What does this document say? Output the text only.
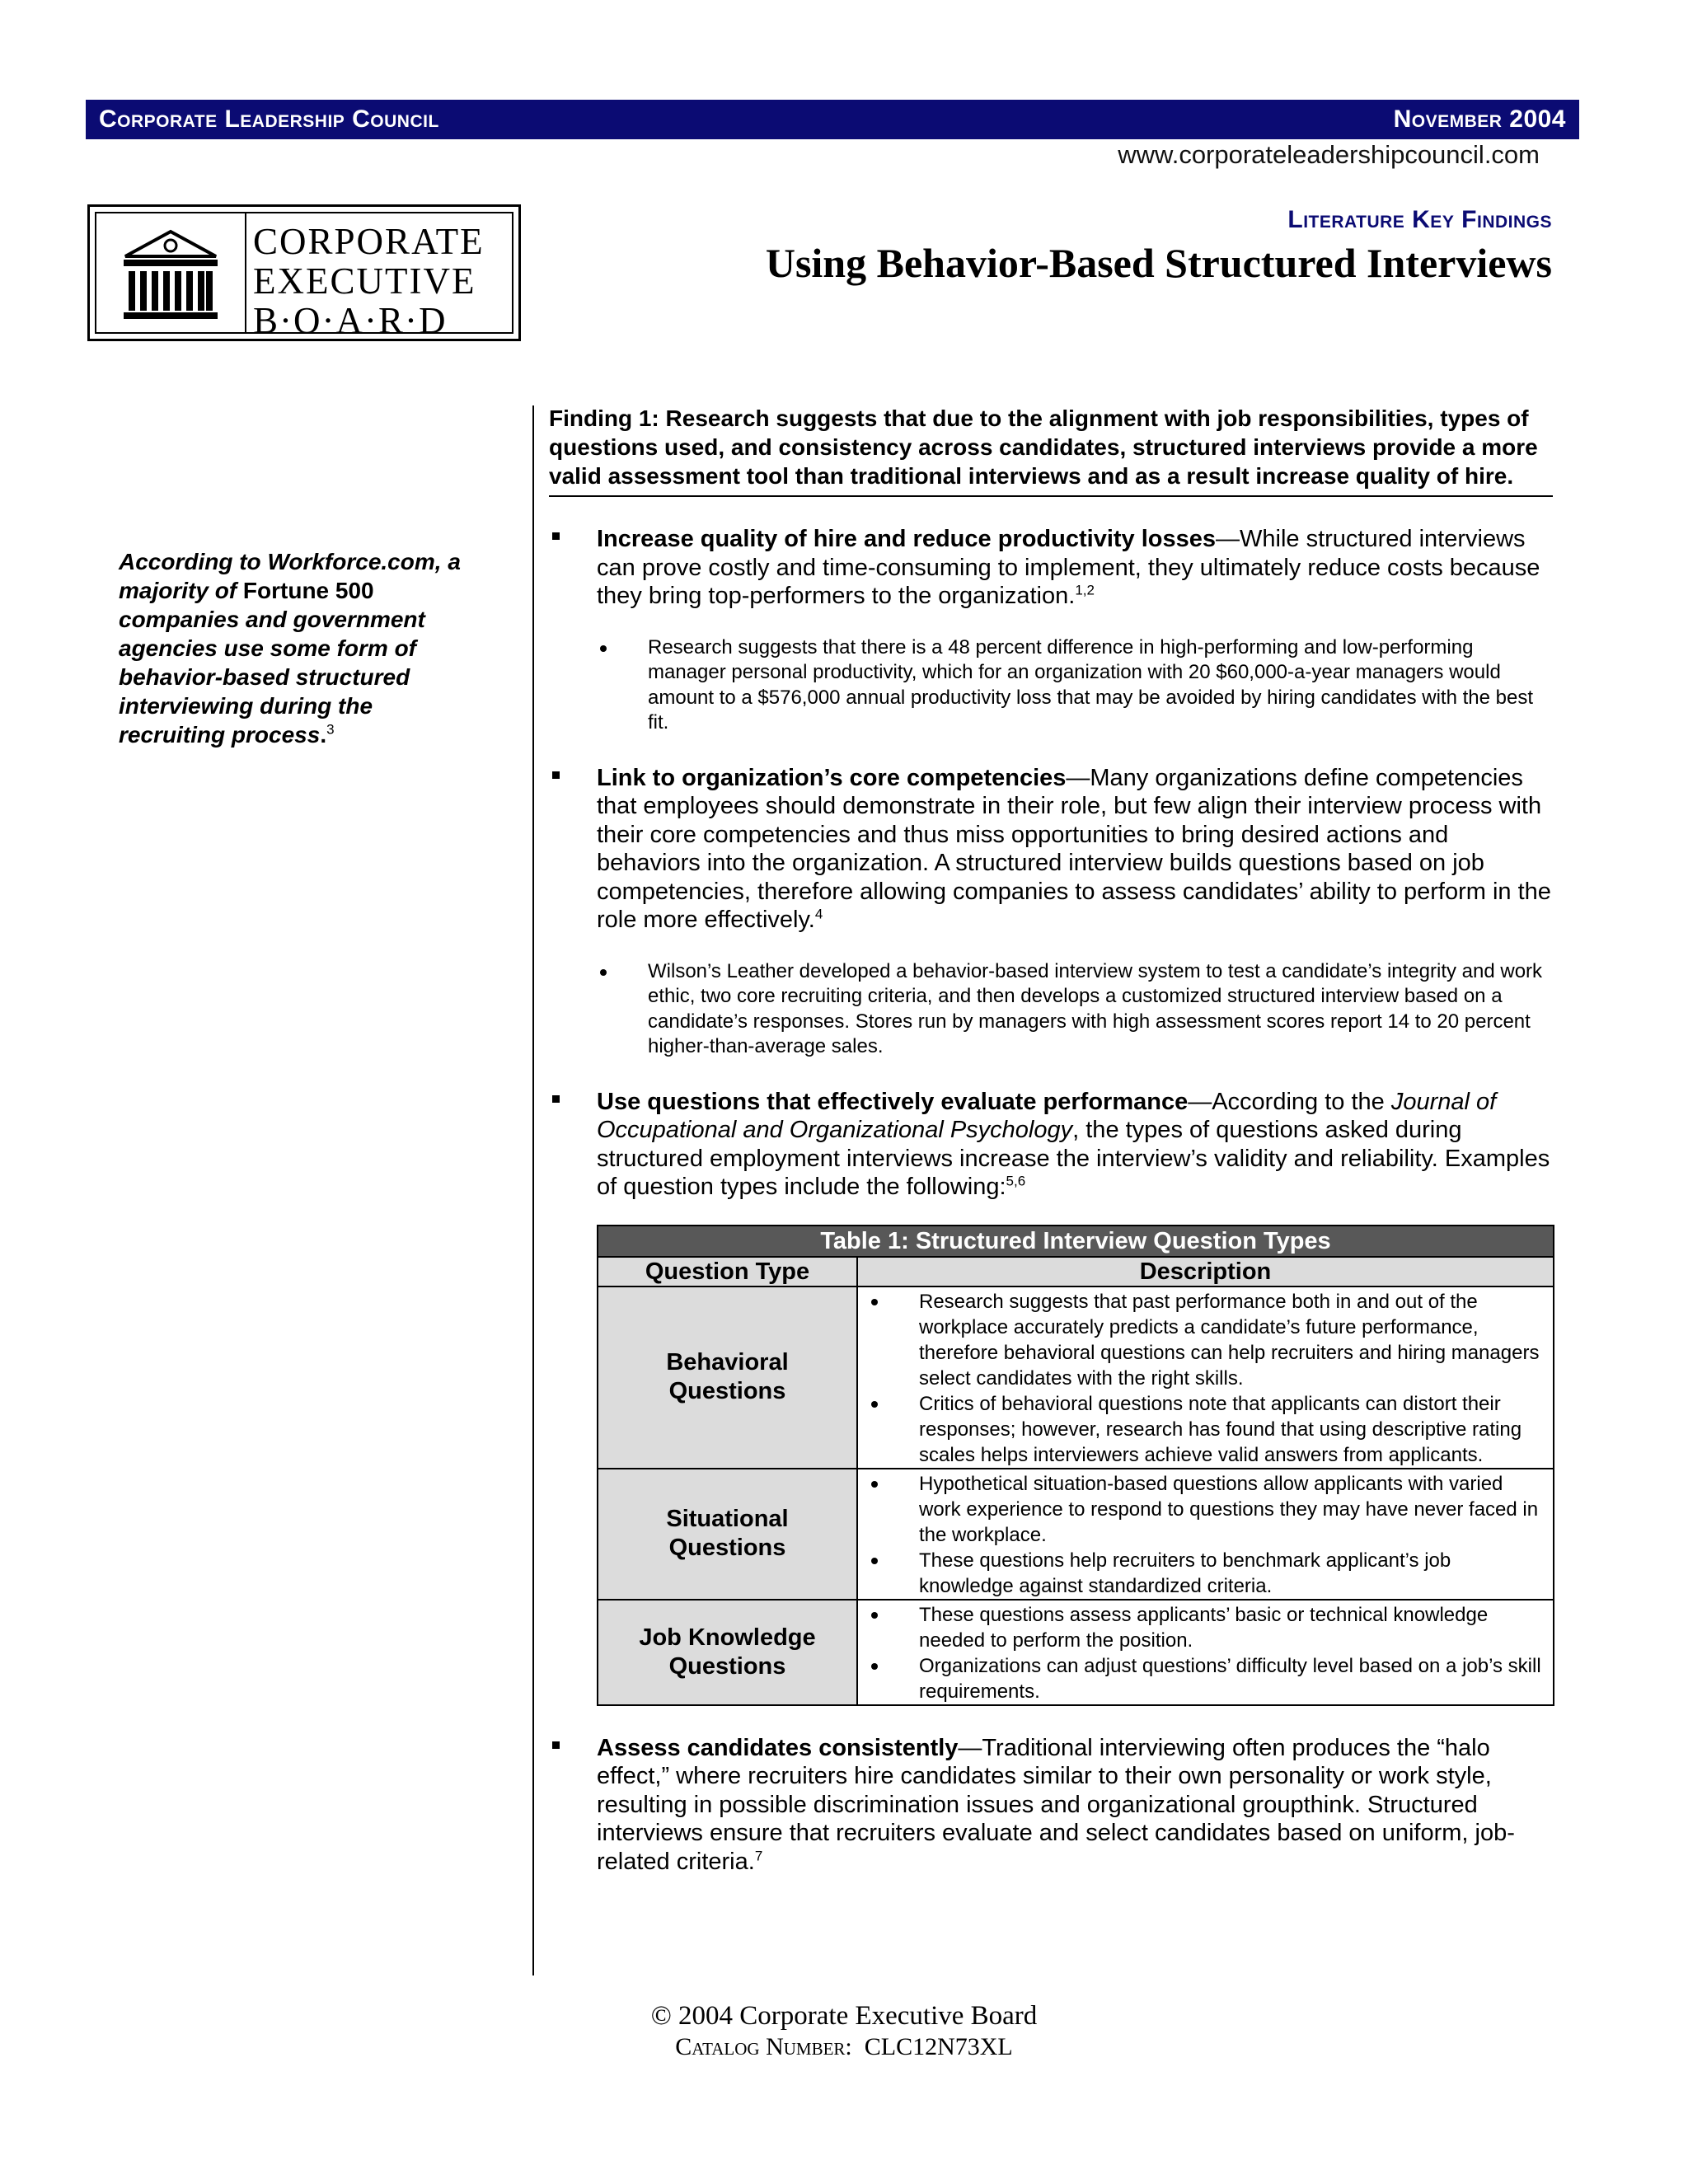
Corporate Leadership Council	November 2004
www.corporateleadershipcouncil.com
CORPORATE
EXECUTIVE
B·O·A·R·D
Literature Key Findings
Using Behavior-Based Structured Interviews
According to Workforce.com, a majority of Fortune 500 companies and government agencies use some form of behavior-based structured interviewing during the recruiting process.$^3$
Finding 1: Research suggests that due to the alignment with job responsibilities, types of questions used, and consistency across candidates, structured interviews provide a more valid assessment tool than traditional interviews and as a result increase quality of hire.
Increase quality of hire and reduce productivity losses—While structured interviews can prove costly and time-consuming to implement, they ultimately reduce costs because they bring top-performers to the organization.$^{1,2}$
Research suggests that there is a 48 percent difference in high-performing and low-performing manager personal productivity, which for an organization with 20 $60,000-a-year managers would amount to a $576,000 annual productivity loss that may be avoided by hiring candidates with the best fit.
Link to organization’s core competencies—Many organizations define competencies that employees should demonstrate in their role, but few align their interview process with their core competencies and thus miss opportunities to bring desired actions and behaviors into the organization. A structured interview builds questions based on job competencies, therefore allowing companies to assess candidates’ ability to perform in the role more effectively.$^4$
Wilson’s Leather developed a behavior-based interview system to test a candidate’s integrity and work ethic, two core recruiting criteria, and then develops a customized structured interview based on a candidate’s responses. Stores run by managers with high assessment scores report 14 to 20 percent higher-than-average sales.
Use questions that effectively evaluate performance—According to the Journal of Occupational and Organizational Psychology, the types of questions asked during structured employment interviews increase the interview’s validity and reliability. Examples of question types include the following:$^{5,6}$
Table 1: Structured Interview Question Types
Question Type	Description
Behavioral
Questions
Research suggests that past performance both in and out of the workplace accurately predicts a candidate’s future performance, therefore behavioral questions can help recruiters and hiring managers select candidates with the right skills.
Critics of behavioral questions note that applicants can distort their responses; however, research has found that using descriptive rating scales helps interviewers achieve valid answers from applicants.
Situational
Questions
Hypothetical situation-based questions allow applicants with varied work experience to respond to questions they may have never faced in the workplace.
These questions help recruiters to benchmark applicant’s job knowledge against standardized criteria.
Job Knowledge
Questions
These questions assess applicants’ basic or technical knowledge needed to perform the position.
Organizations can adjust questions’ difficulty level based on a job’s skill requirements.
Assess candidates consistently—Traditional interviewing often produces the “halo effect,” where recruiters hire candidates similar to their own personality or work style, resulting in possible discrimination issues and organizational groupthink. Structured interviews ensure that recruiters evaluate and select candidates based on uniform, job-related criteria.$^7$
© 2004 Corporate Executive Board
Catalog Number: CLC12N73XL
